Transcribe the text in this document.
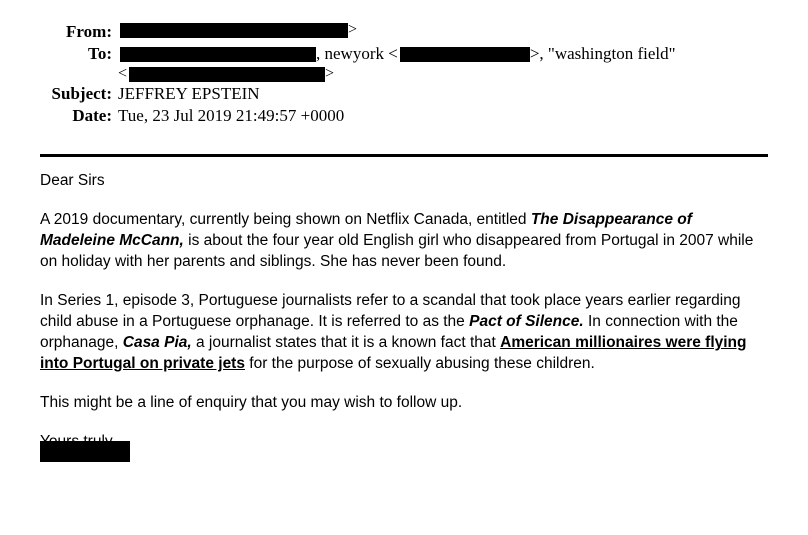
From:	>
To:	, newyork <	>, "washington field"
<	>
Subject: JEFFREY EPSTEIN
Date: Tue, 23 Jul 2019 21:49:57 +0000

Dear Sirs

A 2019 documentary, currently being shown on Netflix Canada, entitled The Disappearance of Madeleine McCann, is about the four year old English girl who disappeared from Portugal in 2007 while on holiday with her parents and siblings. She has never been found.

In Series 1, episode 3, Portuguese journalists refer to a scandal that took place years earlier regarding child abuse in a Portuguese orphanage. It is referred to as the Pact of Silence. In connection with the orphanage, Casa Pia, a journalist states that it is a known fact that American millionaires were flying into Portugal on private jets for the purpose of sexually abusing these children.

This might be a line of enquiry that you may wish to follow up.
